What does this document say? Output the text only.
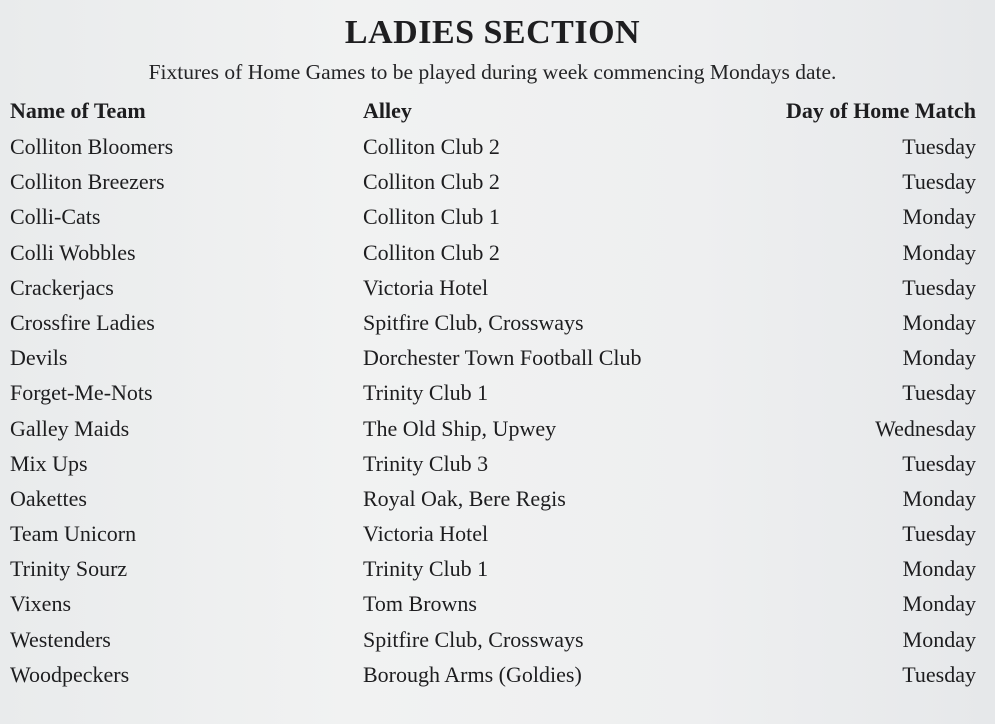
LADIES SECTION
Fixtures of Home Games to be played during week commencing Mondays date.
Name of Team	Alley	Day of Home Match
Colliton Bloomers	Colliton Club 2	Tuesday
Colliton Breezers	Colliton Club 2	Tuesday
Colli-Cats	Colliton Club 1	Monday
Colli Wobbles	Colliton Club 2	Monday
Crackerjacs	Victoria Hotel	Tuesday
Crossfire Ladies	Spitfire Club, Crossways	Monday
Devils	Dorchester Town Football Club	Monday
Forget-Me-Nots	Trinity Club 1	Tuesday
Galley Maids	The Old Ship, Upwey	Wednesday
Mix Ups	Trinity Club 3	Tuesday
Oakettes	Royal Oak, Bere Regis	Monday
Team Unicorn	Victoria Hotel	Tuesday
Trinity Sourz	Trinity Club 1	Monday
Vixens	Tom Browns	Monday
Westenders	Spitfire Club, Crossways	Monday
Woodpeckers	Borough Arms (Goldies)	Tuesday
